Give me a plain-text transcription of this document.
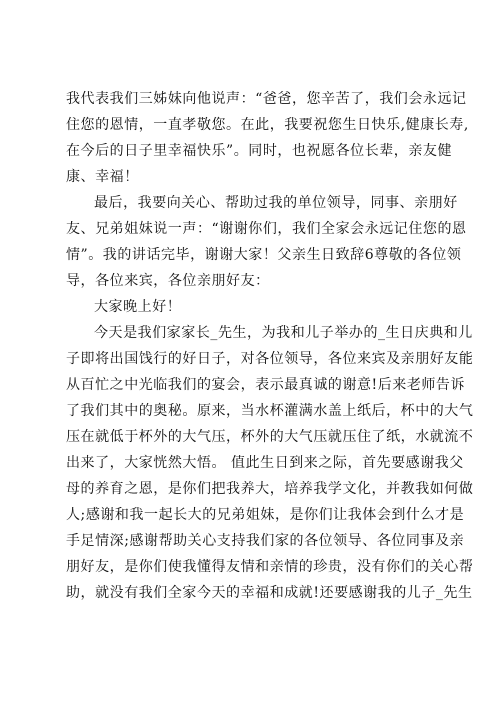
我代表我们三姊妹向他说声：“爸爸，您辛苦了，我们会永远记
住您的恩情，一直孝敬您。在此，我要祝您生日快乐,健康长寿,
在今后的日子里幸福快乐”。同时，也祝愿各位长辈，亲友健
康、幸福！
最后，我要向关心、帮助过我的单位领导，同事、亲朋好
友、兄弟姐妹说一声：“谢谢你们，我们全家会永远记住您的恩
情”。我的讲话完毕，谢谢大家！父亲生日致辞6尊敬的各位领
导，各位来宾，各位亲朋好友：
大家晚上好！
今天是我们家家长_先生，为我和儿子举办的_生日庆典和儿
子即将出国饯行的好日子，对各位领导，各位来宾及亲朋好友能
从百忙之中光临我们的宴会，表示最真诚的谢意!后来老师告诉
了我们其中的奥秘。原来，当水杯灌满水盖上纸后，杯中的大气
压在就低于杯外的大气压，杯外的大气压就压住了纸，水就流不
出来了，大家恍然大悟。 值此生日到来之际，首先要感谢我父
母的养育之恩，是你们把我养大，培养我学文化，并教我如何做
人;感谢和我一起长大的兄弟姐妹，是你们让我体会到什么才是
手足情深;感谢帮助关心支持我们家的各位领导、各位同事及亲
朋好友，是你们使我懂得友情和亲情的珍贵，没有你们的关心帮
助，就没有我们全家今天的幸福和成就!还要感谢我的儿子_先生
